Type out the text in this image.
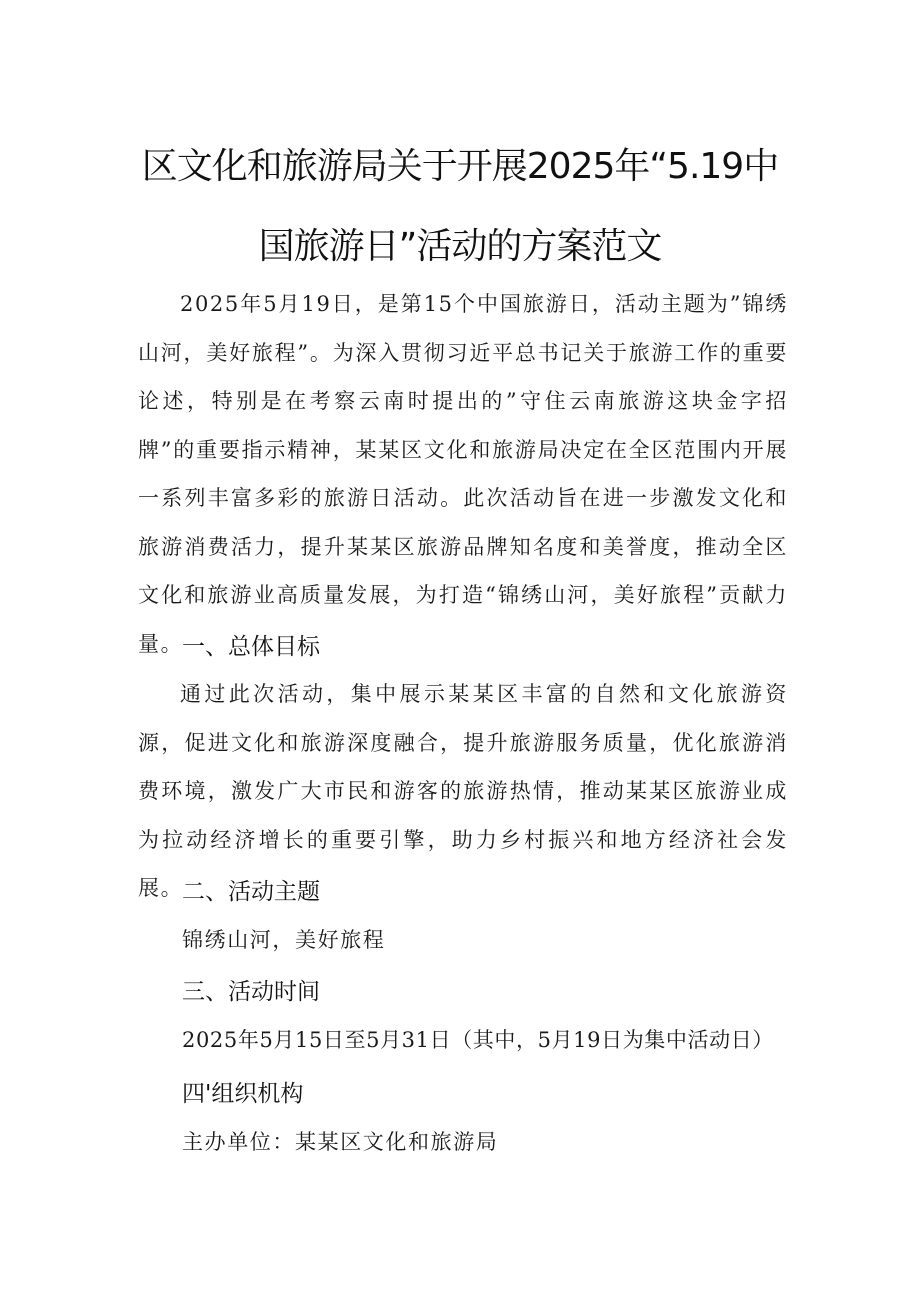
区文化和旅游局关于开展2025年“5.19中
国旅游日”活动的方案范文

2025年5月19日，是第15个中国旅游日，活动主题为”锦绣山河，美好旅程”。为深入贯彻习近平总书记关于旅游工作的重要论述，特别是在考察云南时提出的”守住云南旅游这块金字招牌”的重要指示精神，某某区文化和旅游局决定在全区范围内开展一系列丰富多彩的旅游日活动。此次活动旨在进一步激发文化和旅游消费活力，提升某某区旅游品牌知名度和美誉度，推动全区文化和旅游业高质量发展，为打造“锦绣山河，美好旅程”贡献力量。

一、总体目标

通过此次活动，集中展示某某区丰富的自然和文化旅游资源，促进文化和旅游深度融合，提升旅游服务质量，优化旅游消费环境，激发广大市民和游客的旅游热情，推动某某区旅游业成为拉动经济增长的重要引擎，助力乡村振兴和地方经济社会发展。

二、活动主题
锦绣山河，美好旅程
三、活动时间
2025年5月15日至5月31日（其中，5月19日为集中活动日）
四'组织机构
主办单位：某某区文化和旅游局
